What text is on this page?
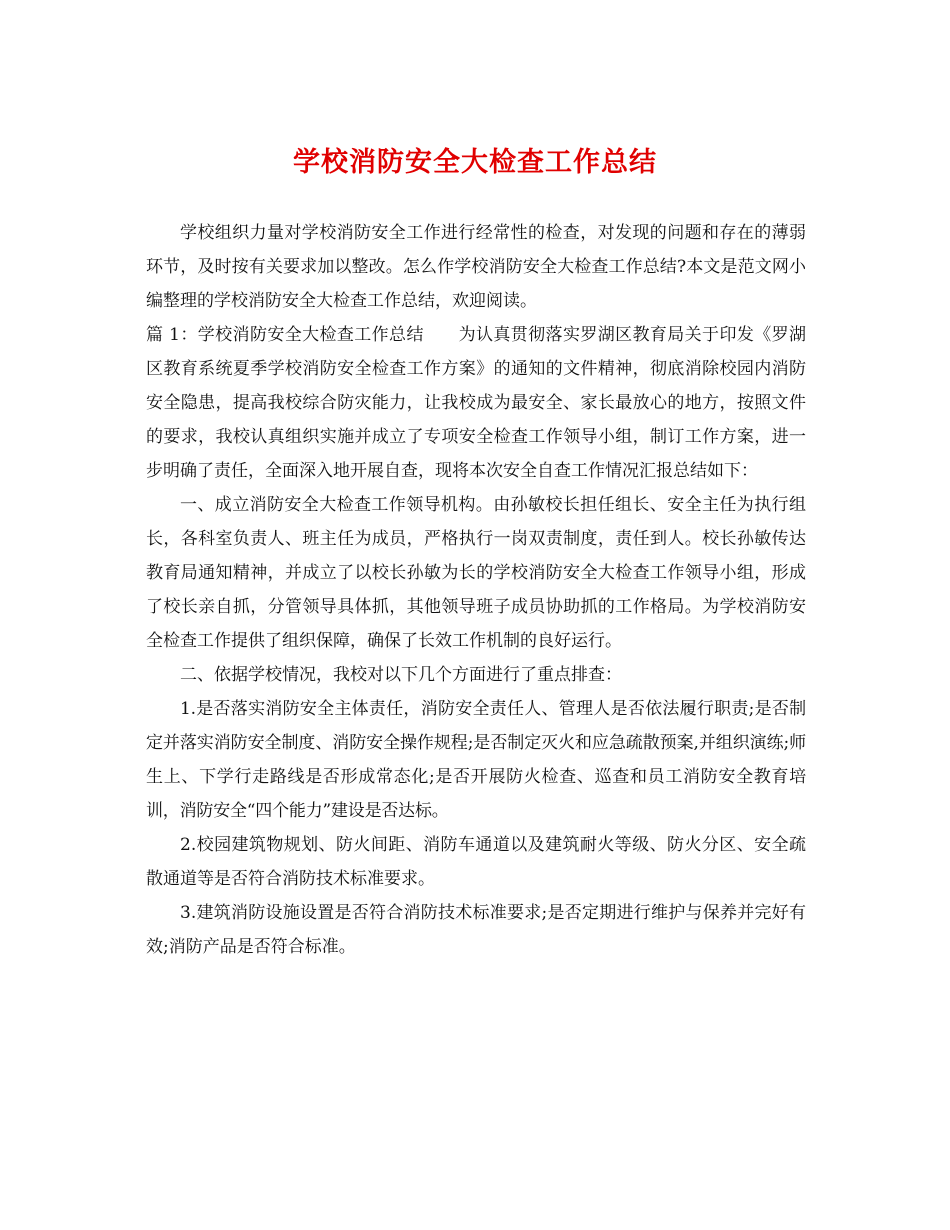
学校消防安全大检查工作总结

学校组织力量对学校消防安全工作进行经常性的检查，对发现的问题和存在的薄弱环节，及时按有关要求加以整改。怎么作学校消防安全大检查工作总结?本文是范文网小编整理的学校消防安全大检查工作总结，欢迎阅读。

篇 1：学校消防安全大检查工作总结　　为认真贯彻落实罗湖区教育局关于印发《罗湖区教育系统夏季学校消防安全检查工作方案》的通知的文件精神，彻底消除校园内消防安全隐患，提高我校综合防灾能力，让我校成为最安全、家长最放心的地方，按照文件的要求，我校认真组织实施并成立了专项安全检查工作领导小组，制订工作方案，进一步明确了责任，全面深入地开展自查，现将本次安全自查工作情况汇报总结如下：

一、成立消防安全大检查工作领导机构。由孙敏校长担任组长、安全主任为执行组长，各科室负责人、班主任为成员，严格执行一岗双责制度，责任到人。校长孙敏传达教育局通知精神，并成立了以校长孙敏为长的学校消防安全大检查工作领导小组，形成了校长亲自抓，分管领导具体抓，其他领导班子成员协助抓的工作格局。为学校消防安全检查工作提供了组织保障，确保了长效工作机制的良好运行。

二、依据学校情况，我校对以下几个方面进行了重点排查：

1.是否落实消防安全主体责任，消防安全责任人、管理人是否依法履行职责;是否制定并落实消防安全制度、消防安全操作规程;是否制定灭火和应急疏散预案,并组织演练;师生上、下学行走路线是否形成常态化;是否开展防火检查、巡查和员工消防安全教育培训，消防安全“四个能力”建设是否达标。

2.校园建筑物规划、防火间距、消防车通道以及建筑耐火等级、防火分区、安全疏散通道等是否符合消防技术标准要求。

3.建筑消防设施设置是否符合消防技术标准要求;是否定期进行维护与保养并完好有效;消防产品是否符合标准。
